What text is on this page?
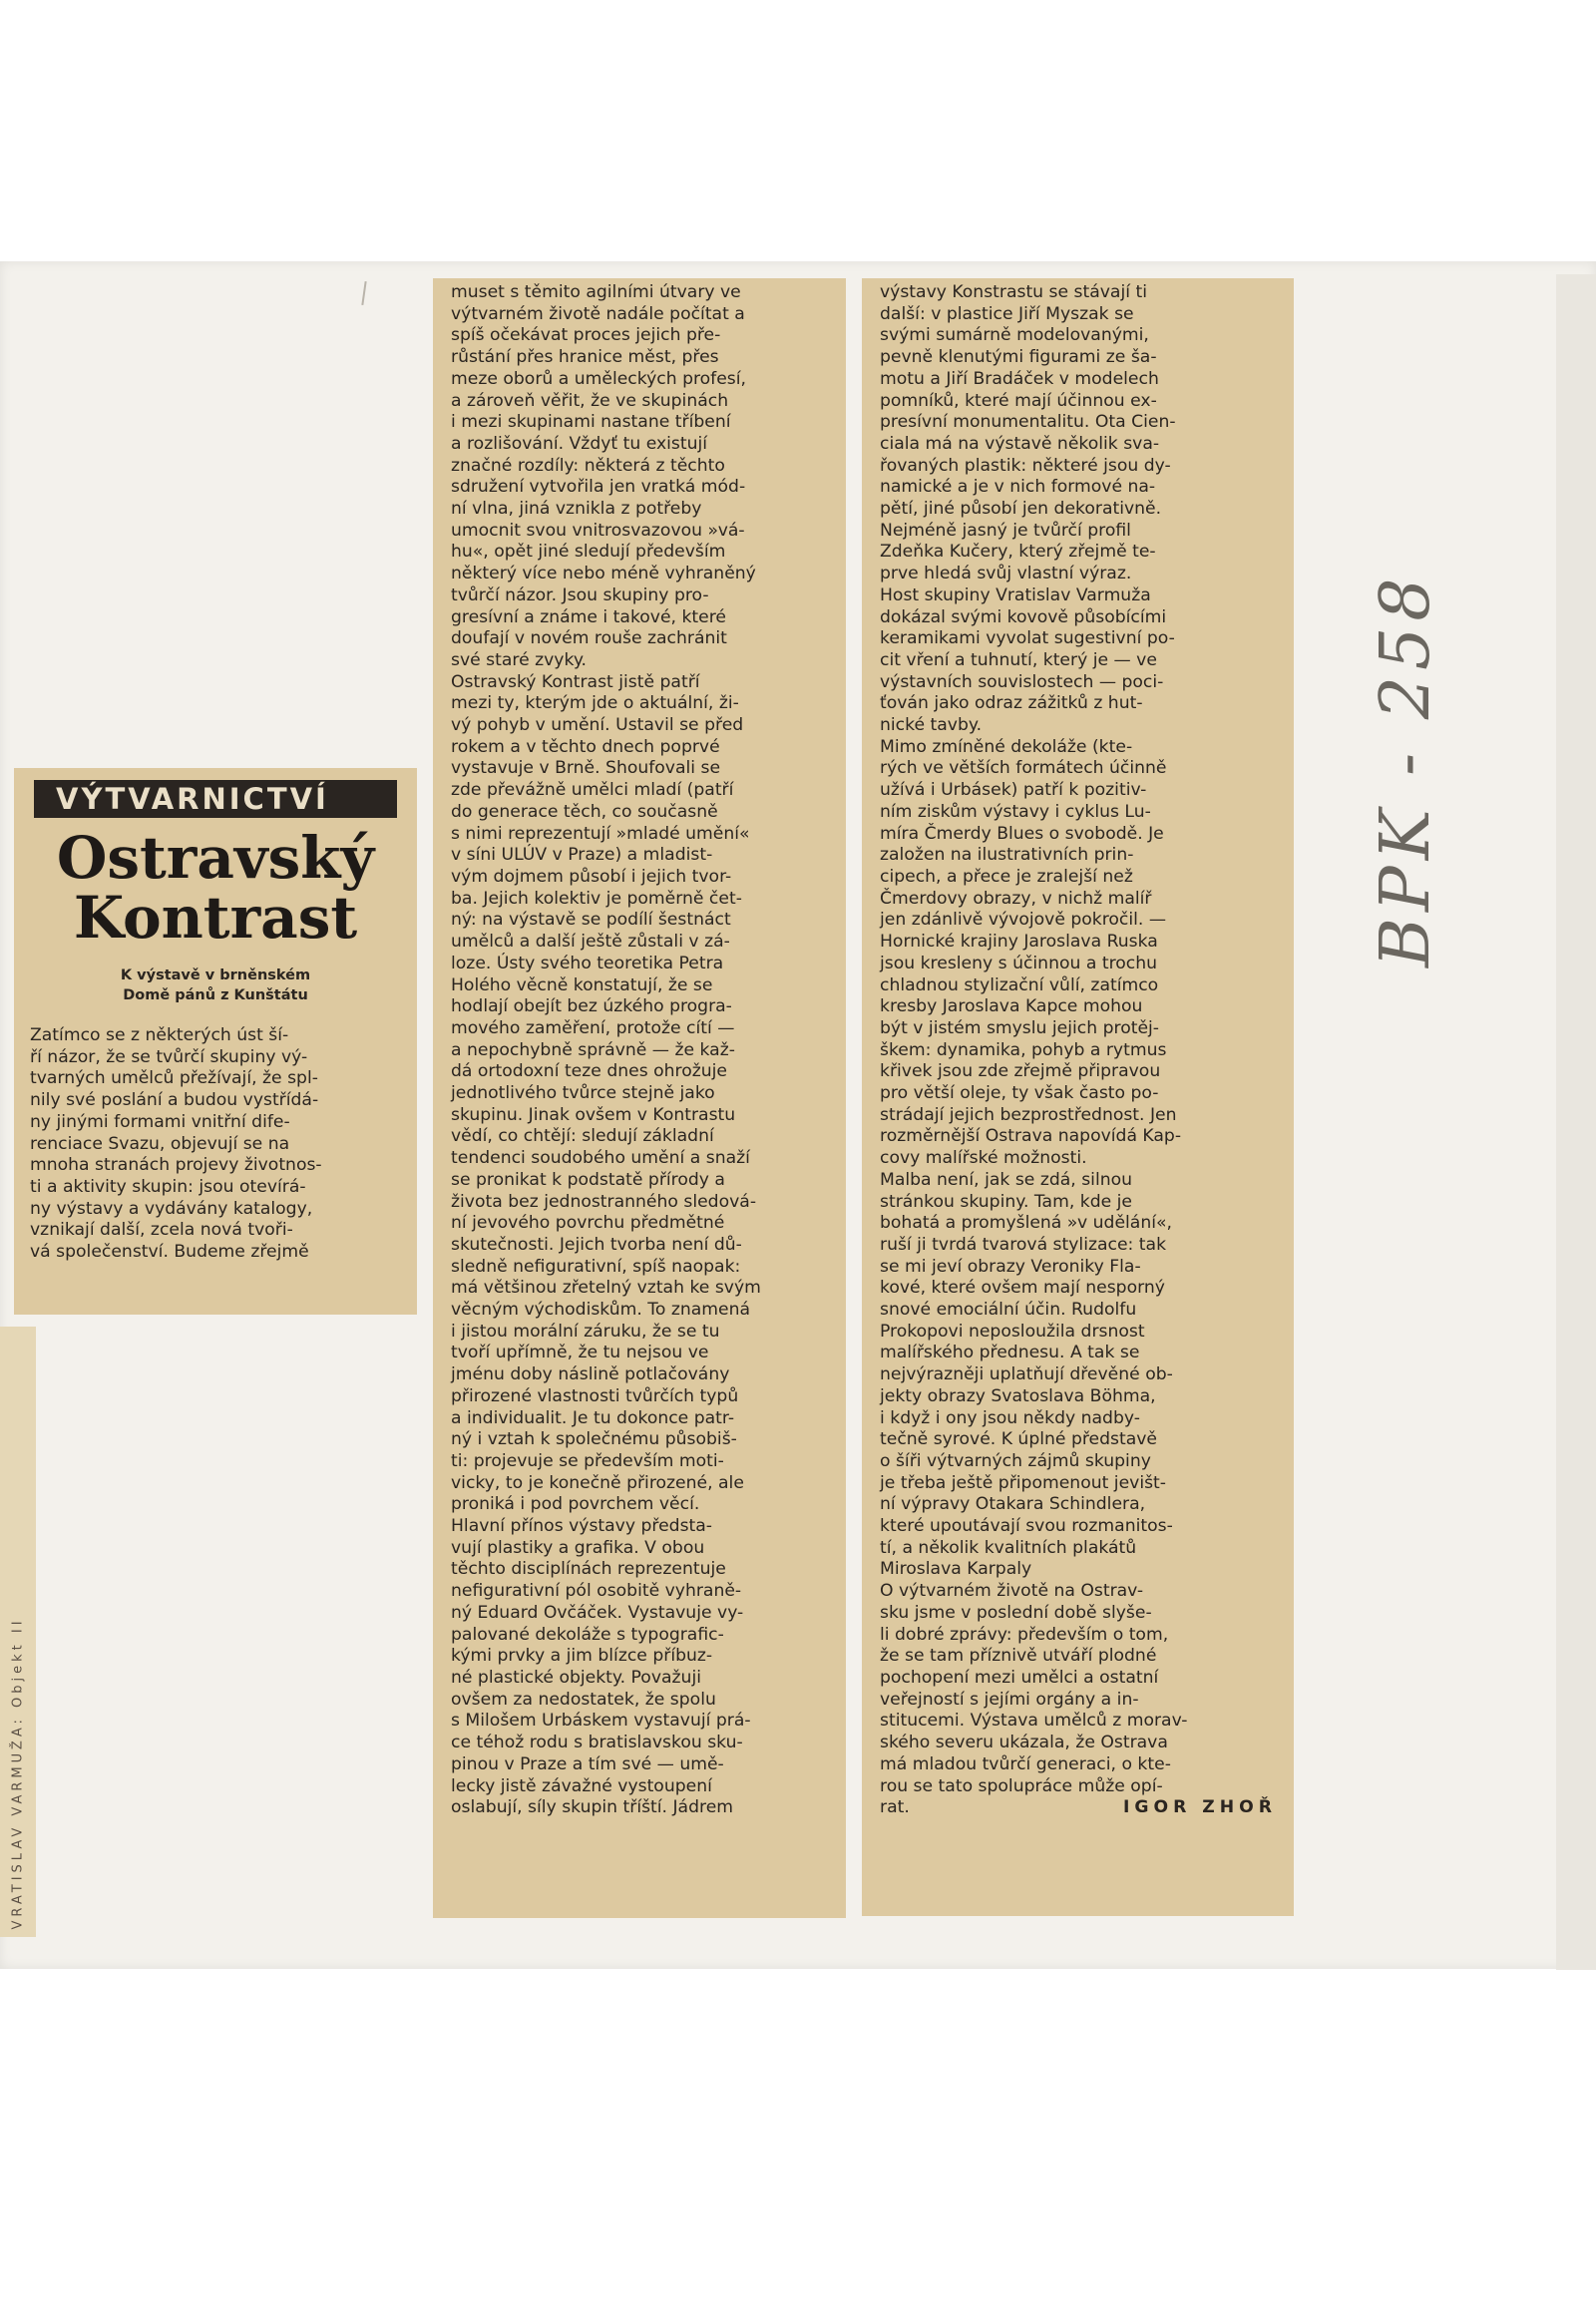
VÝTVARNICTVÍ
Ostravský
Kontrast

K výstavě v brněnském
Domě pánů z Kunštátu

Zatímco se z některých úst ší-
ří názor, že se tvůrčí skupiny vý-
tvarných umělců přežívají, že spl-
nily své poslání a budou vystřídá-
ny jinými formami vnitřní dife-
renciace Svazu, objevují se na
mnoha stranách projevy životnos-
ti a aktivity skupin: jsou otevírá-
ny výstavy a vydávány katalogy,
vznikají další, zcela nová tvoři-
vá společenství. Budeme zřejmě

muset s těmito agilními útvary ve
výtvarném životě nadále počítat a
spíš očekávat proces jejich pře-
růstání přes hranice měst, přes
meze oborů a uměleckých profesí,
a zároveň věřit, že ve skupinách
i mezi skupinami nastane tříbení
a rozlišování. Vždyť tu existují
značné rozdíly: některá z těchto
sdružení vytvořila jen vratká mód-
ní vlna, jiná vznikla z potřeby
umocnit svou vnitrosvazovou »vá-
hu«, opět jiné sledují především
některý více nebo méně vyhraněný
tvůrčí názor. Jsou skupiny pro-
gresívní a známe i takové, které
doufají v novém rouše zachránit
své staré zvyky.
Ostravský Kontrast jistě patří
mezi ty, kterým jde o aktuální, ži-
vý pohyb v umění. Ustavil se před
rokem a v těchto dnech poprvé
vystavuje v Brně. Shoufovali se
zde převážně umělci mladí (patří
do generace těch, co současně
s nimi reprezentují »mladé umění«
v síni ULÚV v Praze) a mladist-
vým dojmem působí i jejich tvor-
ba. Jejich kolektiv je poměrně čet-
ný: na výstavě se podílí šestnáct
umělců a další ještě zůstali v zá-
loze. Ústy svého teoretika Petra
Holého věcně konstatují, že se
hodlají obejít bez úzkého progra-
mového zaměření, protože cítí —
a nepochybně správně — že kaž-
dá ortodoxní teze dnes ohrožuje
jednotlivého tvůrce stejně jako
skupinu. Jinak ovšem v Kontrastu
vědí, co chtějí: sledují základní
tendenci soudobého umění a snaží
se pronikat k podstatě přírody a
života bez jednostranného sledová-
ní jevového povrchu předmětné
skutečnosti. Jejich tvorba není dů-
sledně nefigurativní, spíš naopak:
má většinou zřetelný vztah ke svým
věcným východiskům. To znamená
i jistou morální záruku, že se tu
tvoří upřímně, že tu nejsou ve
jménu doby náslině potlačovány
přirozené vlastnosti tvůrčích typů
a individualit. Je tu dokonce patr-
ný i vztah k společnému působiš-
ti: projevuje se především moti-
vicky, to je konečně přirozené, ale
proniká i pod povrchem věcí.
Hlavní přínos výstavy předsta-
vují plastiky a grafika. V obou
těchto disciplínách reprezentuje
nefigurativní pól osobitě vyhraně-
ný Eduard Ovčáček. Vystavuje vy-
palované dekoláže s typografic-
kými prvky a jim blízce příbuz-
né plastické objekty. Považuji
ovšem za nedostatek, že spolu
s Milošem Urbáskem vystavují prá-
ce téhož rodu s bratislavskou sku-
pinou v Praze a tím své — umě-
lecky jistě závažné vystoupení
oslabují, síly skupin tříští. Jádrem

výstavy Konstrastu se stávají ti
další: v plastice Jiří Myszak se
svými sumárně modelovanými,
pevně klenutými figurami ze ša-
motu a Jiří Bradáček v modelech
pomníků, které mají účinnou ex-
presívní monumentalitu. Ota Cien-
ciala má na výstavě několik sva-
řovaných plastik: některé jsou dy-
namické a je v nich formové na-
pětí, jiné působí jen dekorativně.
Nejméně jasný je tvůrčí profil
Zdeňka Kučery, který zřejmě te-
prve hledá svůj vlastní výraz.
Host skupiny Vratislav Varmuža
dokázal svými kovově působícími
keramikami vyvolat sugestivní po-
cit vření a tuhnutí, který je — ve
výstavních souvislostech — poci-
ťován jako odraz zážitků z hut-
nické tavby.
Mimo zmíněné dekoláže (kte-
rých ve větších formátech účinně
užívá i Urbásek) patří k pozitiv-
ním ziskům výstavy i cyklus Lu-
míra Čmerdy Blues o svobodě. Je
založen na ilustrativních prin-
cipech, a přece je zralejší než
Čmerdovy obrazy, v nichž malíř
jen zdánlivě vývojově pokročil. —
Hornické krajiny Jaroslava Ruska
jsou kresleny s účinnou a trochu
chladnou stylizační vůlí, zatímco
kresby Jaroslava Kapce mohou
být v jistém smyslu jejich protěj-
škem: dynamika, pohyb a rytmus
křivek jsou zde zřejmě připravou
pro větší oleje, ty však často po-
strádají jejich bezprostřednost. Jen
rozměrnější Ostrava napovídá Kap-
covy malířské možnosti.
Malba není, jak se zdá, silnou
stránkou skupiny. Tam, kde je
bohatá a promyšlená »v udělání«,
ruší ji tvrdá tvarová stylizace: tak
se mi jeví obrazy Veroniky Fla-
kové, které ovšem mají nesporný
snové emociální účin. Rudolfu
Prokopovi neposloužila drsnost
malířského přednesu. A tak se
nejvýrazněji uplatňují dřevěné ob-
jekty obrazy Svatoslava Böhma,
i když i ony jsou někdy nadby-
tečně syrové. K úplné představě
o šíři výtvarných zájmů skupiny
je třeba ještě připomenout jevišt-
ní výpravy Otakara Schindlera,
které upoutávají svou rozmanitos-
tí, a několik kvalitních plakátů
Miroslava Karpaly
O výtvarném životě na Ostrav-
sku jsme v poslední době slyše-
li dobré zprávy: především o tom,
že se tam příznivě utváří plodné
pochopení mezi umělci a ostatní
veřejností s jejími orgány a in-
stitucemi. Výstava umělců z morav-
ského severu ukázala, že Ostrava
má mladou tvůrčí generaci, o kte-
rou se tato spolupráce může opí-
rat.	IGOR ZHOŘ

VRATISLAV VARMUŽA: Objekt II
BPK - 258
